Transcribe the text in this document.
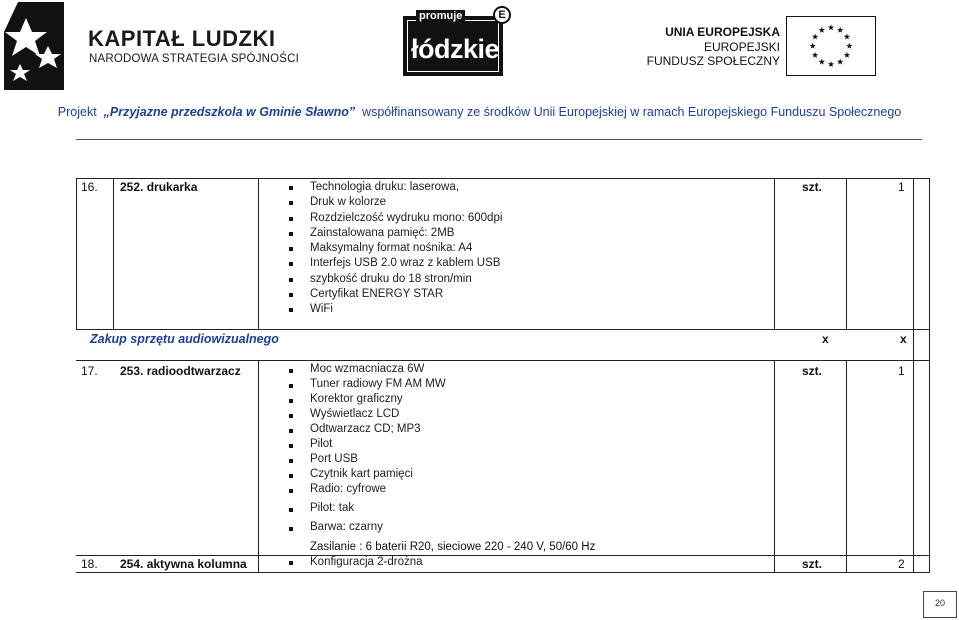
KAPITAŁ LUDZKI
NARODOWA STRATEGIA SPÓJNOŚCI
promuje
łódzkie
E
UNIA EUROPEJSKA
EUROPEJSKI
FUNDUSZ SPOŁECZNY
Projekt „Przyjazne przedszkola w Gminie Sławno” współfinansowany ze środków Unii Europejskiej w ramach Europejskiego Funduszu Społecznego
16. 252. drukarka	Technologia druku: laserowa,
Druk w kolorze
Rozdzielczość wydruku mono: 600dpi
Zainstalowana pamięć: 2MB
Maksymalny format nośnika: A4
Interfejs USB 2.0 wraz z kablem USB
szybkość druku do 18 stron/min
Certyfikat ENERGY STAR
WiFi
szt.	1
Zakup sprzętu audiowizualnego	x	x
17. 253. radioodtwarzacz	Moc wzmacniacza 6W
Tuner radiowy FM AM MW
Korektor graficzny
Wyświetlacz LCD
Odtwarzacz CD; MP3
Pilot
Port USB
Czytnik kart pamięci
Radio: cyfrowe
Pilot: tak
Barwa: czarny
Zasilanie : 6 baterii R20, sieciowe 220 - 240 V, 50/60 Hz
szt.	1
18. 254. aktywna kolumna	Konfiguracja 2-drożna	szt.	2
20
